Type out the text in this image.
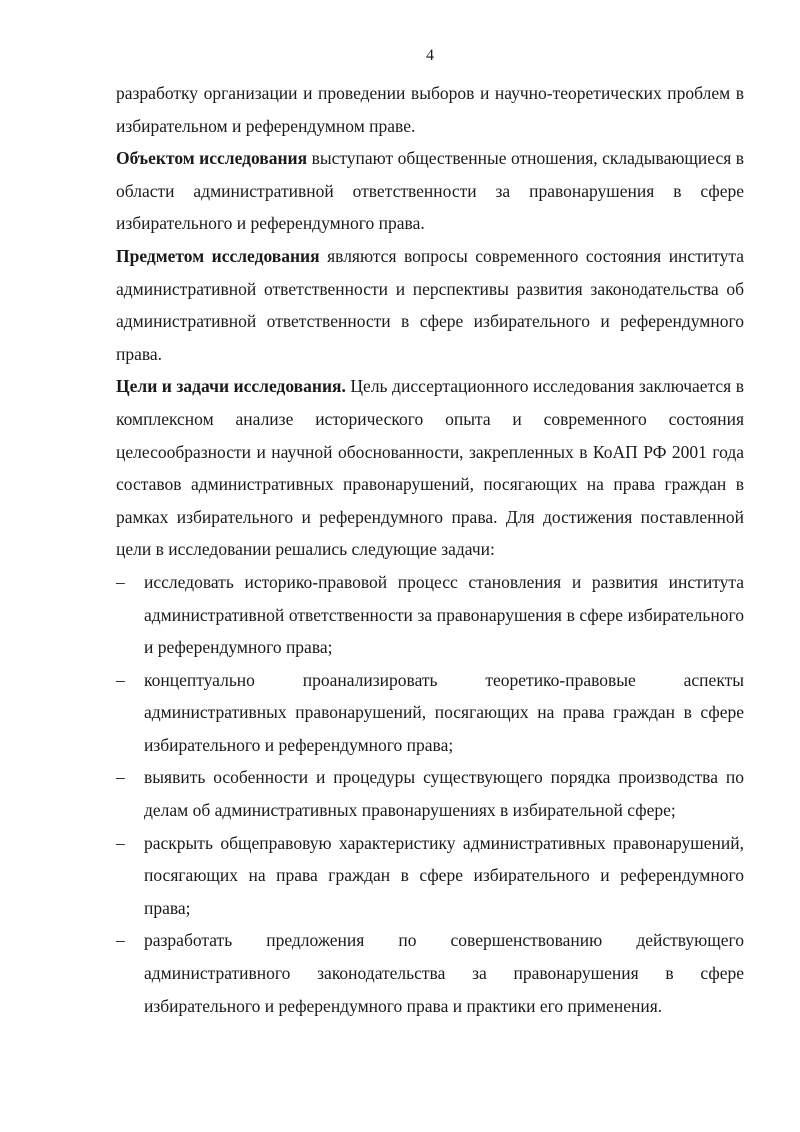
4

разработку организации и проведении выборов и научно-теоретических проблем в избирательном и референдумном праве.

Объектом исследования выступают общественные отношения, складывающиеся в области административной ответственности за правонарушения в сфере избирательного и референдумного права.

Предметом исследования являются вопросы современного состояния института административной ответственности и перспективы развития законодательства об административной ответственности в сфере избирательного и референдумного права.

Цели и задачи исследования. Цель диссертационного исследования заключается в комплексном анализе исторического опыта и современного состояния целесообразности и научной обоснованности, закрепленных в КоАП РФ 2001 года составов административных правонарушений, посягающих на права граждан в рамках избирательного и референдумного права. Для достижения поставленной цели в исследовании решались следующие задачи:

– исследовать историко-правовой процесс становления и развития института административной ответственности за правонарушения в сфере избирательного и референдумного права;
– концептуально проанализировать теоретико-правовые аспекты административных правонарушений, посягающих на права граждан в сфере избирательного и референдумного права;
– выявить особенности и процедуры существующего порядка производства по делам об административных правонарушениях в избирательной сфере;
– раскрыть общеправовую характеристику административных правонарушений, посягающих на права граждан в сфере избирательного и референдумного права;
– разработать предложения по совершенствованию действующего административного законодательства за правонарушения в сфере избирательного и референдумного права и практики его применения.
